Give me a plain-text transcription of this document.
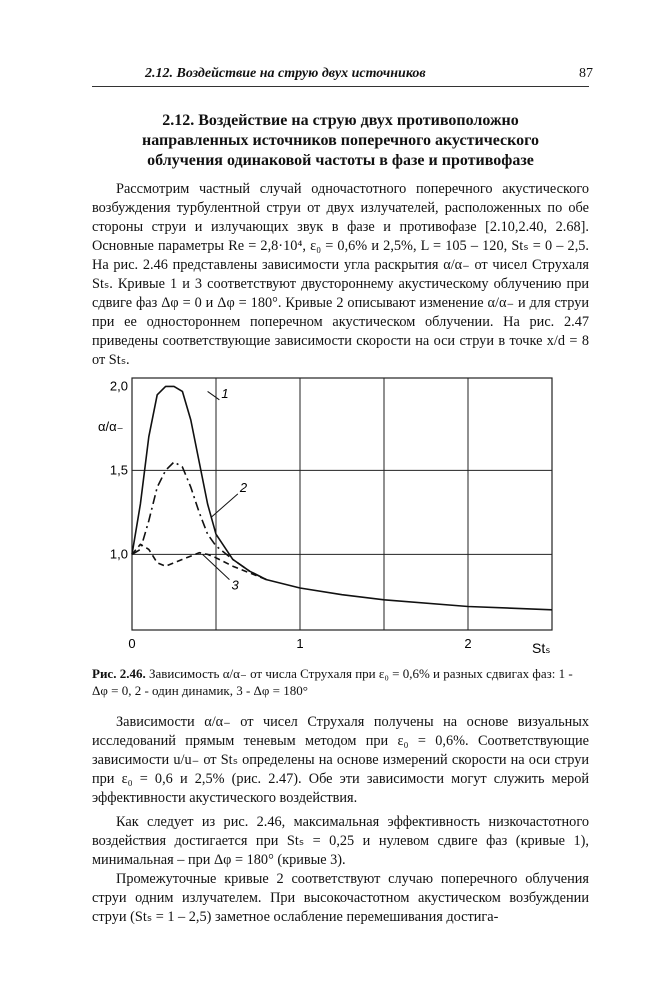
2.12. Воздействие на струю двух источников	87
2.12. Воздействие на струю двух противоположно
направленных источников поперечного акустического
облучения одинаковой частоты в фазе и противофазе

Рассмотрим частный случай одночастотного поперечного акустического возбуждения турбулентной струи от двух излучателей, расположенных по обе стороны струи и излучающих звук в фазе и противофазе [2.10,2.40, 2.68]. Основные параметры Re = 2,8·10⁴, ε₀ = 0,6% и 2,5%, L = 105 – 120, Stₛ = 0 – 2,5. На рис. 2.46 представлены зависимости угла раскрытия α/α₋ от чисел Струхаля Stₛ. Кривые 1 и 3 соответствуют двустороннему акустическому облучению при сдвиге фаз Δφ = 0 и Δφ = 180°. Кривые 2 описывают изменение α/α₋ и для струи при ее одностороннем поперечном акустическом облучении. На рис. 2.47 приведены соответствующие зависимости скорости на оси струи в точке x/d = 8 от Stₛ.

1,0
1,5
2,0
0	1	2
1
2
3
α/α₋
Stₛ
Рис. 2.46. Зависимость α/α₋ от числа Струхаля при ε₀ = 0,6% и разных сдвигах фаз: 1 - Δφ = 0, 2 - один динамик, 3 - Δφ = 180°

Зависимости α/α₋ от чисел Струхаля получены на основе визуальных исследований прямым теневым методом при ε₀ = 0,6%. Соответствующие зависимости u/u₋ от Stₛ определены на основе измерений скорости на оси струи при ε₀ = 0,6 и 2,5% (рис. 2.47). Обе эти зависимости могут служить мерой эффективности акустического воздействия.

Как следует из рис. 2.46, максимальная эффективность низкочастотного воздействия достигается при Stₛ = 0,25 и нулевом сдвиге фаз (кривые 1), минимальная – при Δφ = 180° (кривые 3).

Промежуточные кривые 2 соответствуют случаю поперечного облучения струи одним излучателем. При высокочастотном акустическом возбуждении струи (Stₛ = 1 – 2,5) заметное ослабление перемешивания достига-
